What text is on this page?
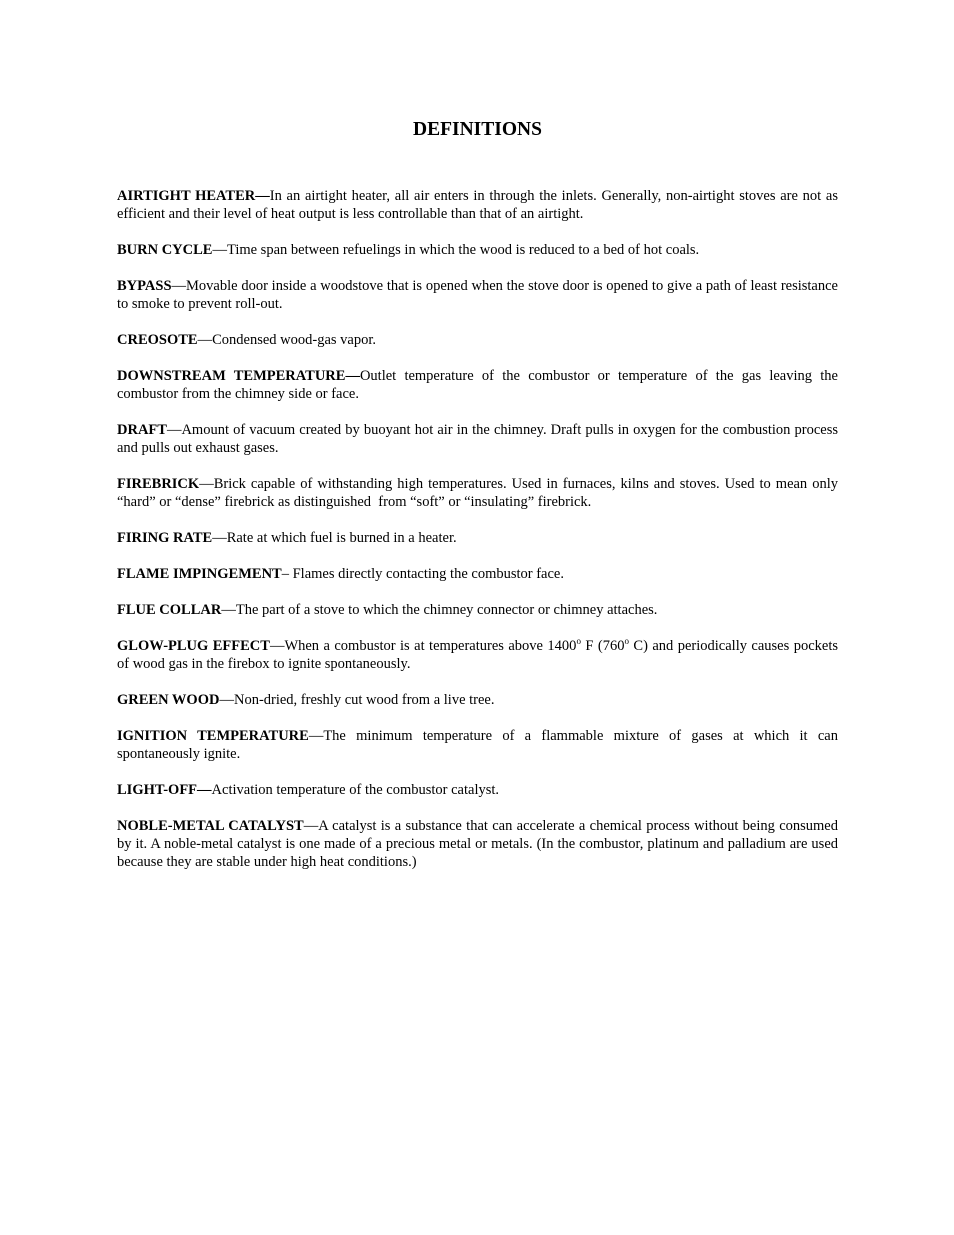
DEFINITIONS

AIRTIGHT HEATER—In an airtight heater, all air enters in through the inlets. Generally, non-airtight stoves are not as efficient and their level of heat output is less controllable than that of an airtight.

BURN CYCLE—Time span between refuelings in which the wood is reduced to a bed of hot coals.

BYPASS—Movable door inside a woodstove that is opened when the stove door is opened to give a path of least resistance to smoke to prevent roll-out.

CREOSOTE—Condensed wood-gas vapor.

DOWNSTREAM TEMPERATURE—Outlet temperature of the combustor or temperature of the gas leaving the combustor from the chimney side or face.

DRAFT—Amount of vacuum created by buoyant hot air in the chimney. Draft pulls in oxygen for the combustion process and pulls out exhaust gases.

FIREBRICK—Brick capable of withstanding high temperatures. Used in furnaces, kilns and stoves. Used to mean only “hard” or “dense” firebrick as distinguished  from “soft” or “insulating” firebrick.

FIRING RATE—Rate at which fuel is burned in a heater.

FLAME IMPINGEMENT– Flames directly contacting the combustor face.

FLUE COLLAR—The part of a stove to which the chimney connector or chimney attaches.

GLOW-PLUG EFFECT—When a combustor is at temperatures above 1400$^o$ F (760$^o$ C) and periodically causes pockets of wood gas in the firebox to ignite spontaneously.

GREEN WOOD—Non-dried, freshly cut wood from a live tree.

IGNITION TEMPERATURE—The minimum temperature of a flammable mixture of gases at which it can spontaneously ignite.

LIGHT-OFF—Activation temperature of the combustor catalyst.

NOBLE-METAL CATALYST—A catalyst is a substance that can accelerate a chemical process without being consumed by it. A noble-metal catalyst is one made of a precious metal or metals. (In the combustor, platinum and palladium are used because they are stable under high heat conditions.)
